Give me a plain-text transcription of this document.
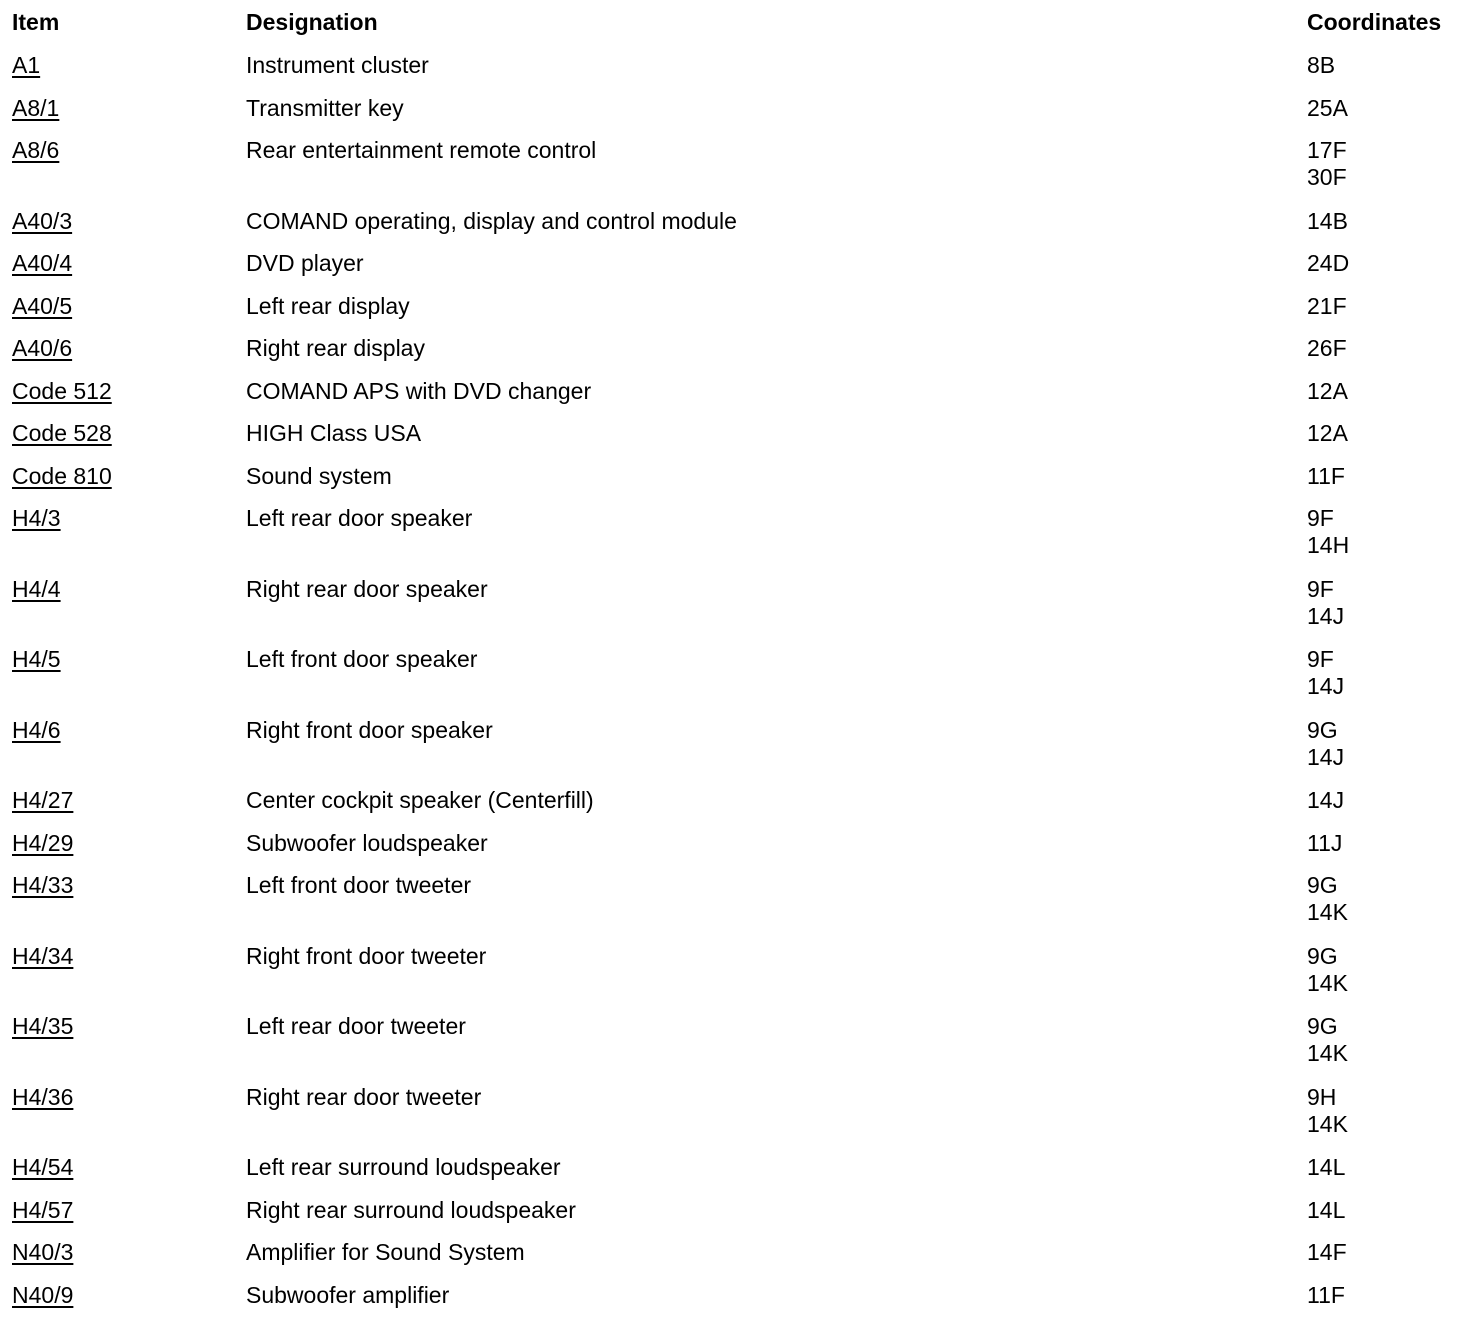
Item	Designation	Coordinates
A1	Instrument cluster	8B
A8/1	Transmitter key	25A
A8/6	Rear entertainment remote control	17F
30F
A40/3	COMAND operating, display and control module	14B
A40/4	DVD player	24D
A40/5	Left rear display	21F
A40/6	Right rear display	26F
Code 512	COMAND APS with DVD changer	12A
Code 528	HIGH Class USA	12A
Code 810	Sound system	11F
H4/3	Left rear door speaker	9F
14H
H4/4	Right rear door speaker	9F
14J
H4/5	Left front door speaker	9F
14J
H4/6	Right front door speaker	9G
14J
H4/27	Center cockpit speaker (Centerfill)	14J
H4/29	Subwoofer loudspeaker	11J
H4/33	Left front door tweeter	9G
14K
H4/34	Right front door tweeter	9G
14K
H4/35	Left rear door tweeter	9G
14K
H4/36	Right rear door tweeter	9H
14K
H4/54	Left rear surround loudspeaker	14L
H4/57	Right rear surround loudspeaker	14L
N40/3	Amplifier for Sound System	14F
N40/9	Subwoofer amplifier	11F
